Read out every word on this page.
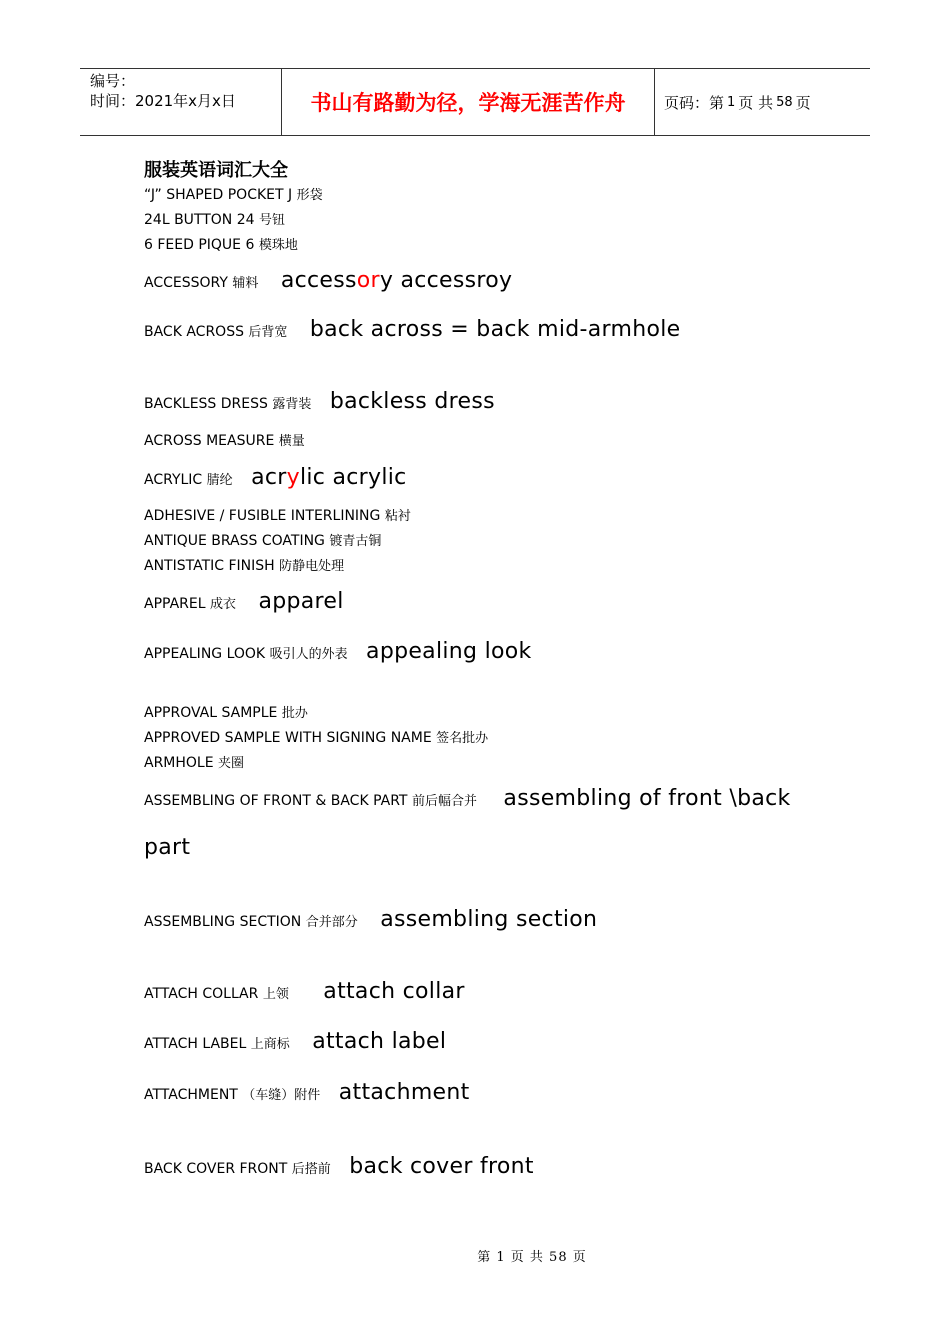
编号：
时间：2021年x月x日	书山有路勤为径，学海无涯苦作舟	页码：第 1 页 共 58 页
服装英语词汇大全
“J” SHAPED POCKET J 形袋
24L BUTTON 24 号钮
6 FEED PIQUE 6 模珠地
ACCESSORY 辅料 accessory accessroy
BACK ACROSS 后背宽 back across = back mid-armhole
BACKLESS DRESS 露背装 backless dress
ACROSS MEASURE 横量
ACRYLIC 腈纶 acrylic acrylic
ADHESIVE / FUSIBLE INTERLINING 粘衬
ANTIQUE BRASS COATING 镀青古铜
ANTISTATIC FINISH 防静电处理
APPAREL 成衣 apparel
APPEALING LOOK 吸引人的外表 appealing look
APPROVAL SAMPLE 批办
APPROVED SAMPLE WITH SIGNING NAME 签名批办
ARMHOLE 夹圈
ASSEMBLING OF FRONT & BACK PART 前后幅合并 assembling of front \back
part
ASSEMBLING SECTION 合并部分 assembling section
ATTACH COLLAR 上领 attach collar
ATTACH LABEL 上商标 attach label
ATTACHMENT （车缝）附件 attachment
BACK COVER FRONT 后搭前 back cover front
第 1 页 共 58 页
